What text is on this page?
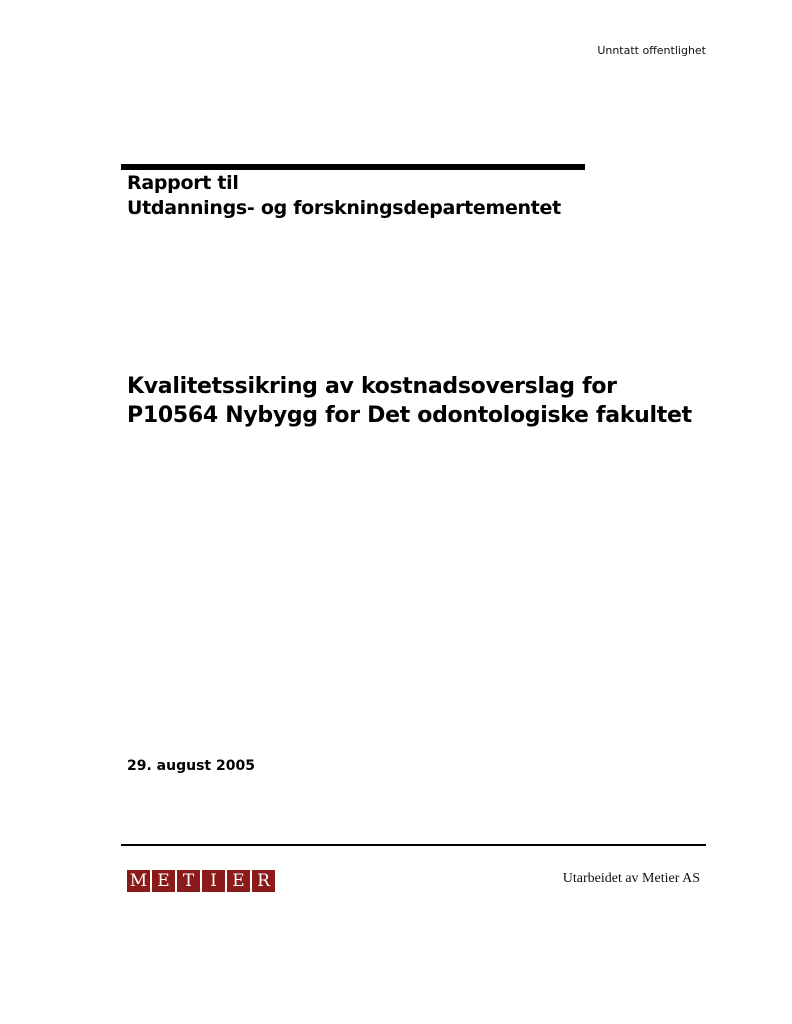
Unntatt offentlighet
Rapport til
Utdannings- og forskningsdepartementet
Kvalitetssikring av kostnadsoverslag for
P10564 Nybygg for Det odontologiske fakultet
29. august 2005
M E T I E R	Utarbeidet av Metier AS
